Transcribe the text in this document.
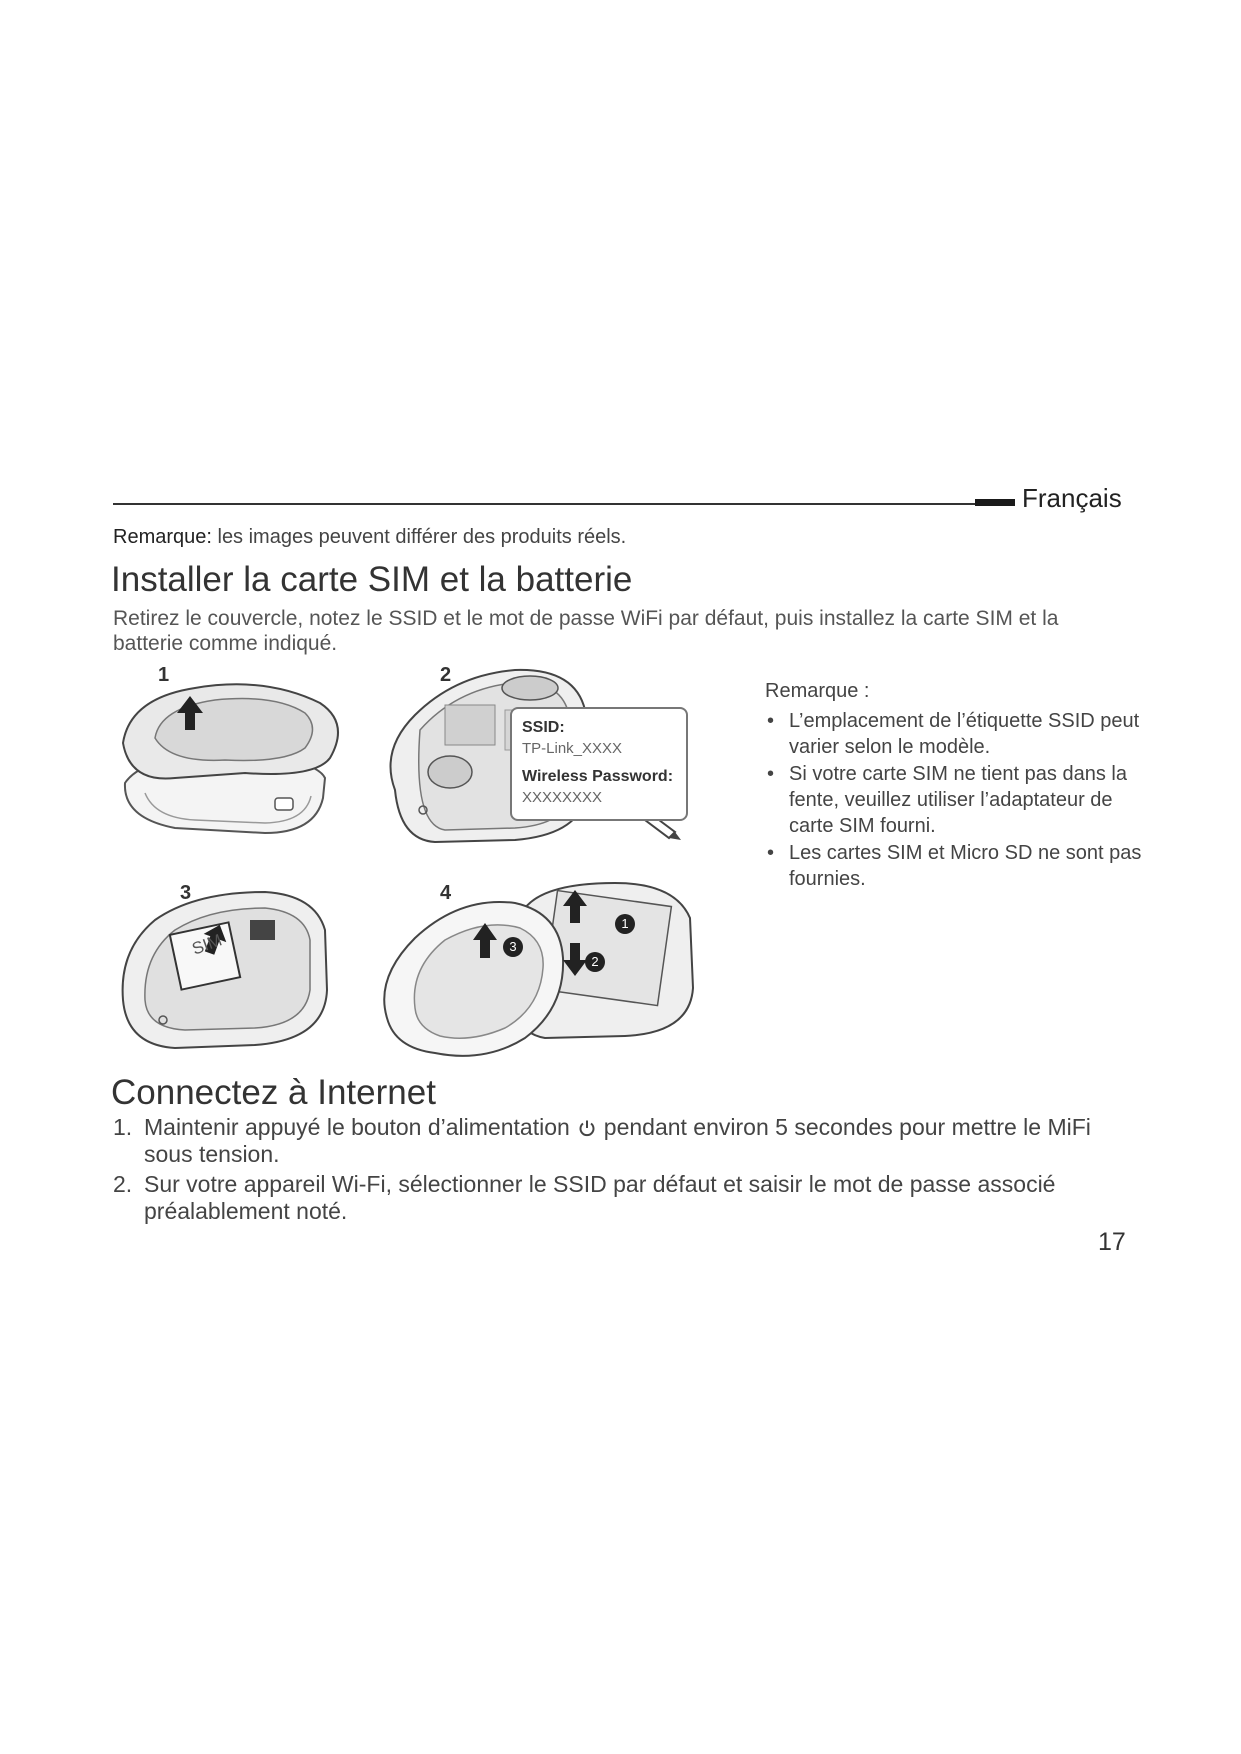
Français
Remarque: les images peuvent différer des produits réels.
Installer la carte SIM et la batterie
Retirez le couvercle, notez le SSID et le mot de passe WiFi par défaut, puis installez la carte SIM et la batterie comme indiqué.
1	2
3	4
SSID:
TP-Link_XXXX
Wireless Password:
XXXXXXXX
SIM
1
2
3
Remarque :
• L’emplacement de l’étiquette SSID peut varier selon le modèle.
• Si votre carte SIM ne tient pas dans la fente, veuillez utiliser l’adaptateur de carte SIM fourni.
• Les cartes SIM et Micro SD ne sont pas fournies.
Connectez à Internet
1. Maintenir appuyé le bouton d’alimentation pendant environ 5 secondes pour mettre le MiFi sous tension.
2. Sur votre appareil Wi-Fi, sélectionner le SSID par défaut et saisir le mot de passe associé préalablement noté.
17
